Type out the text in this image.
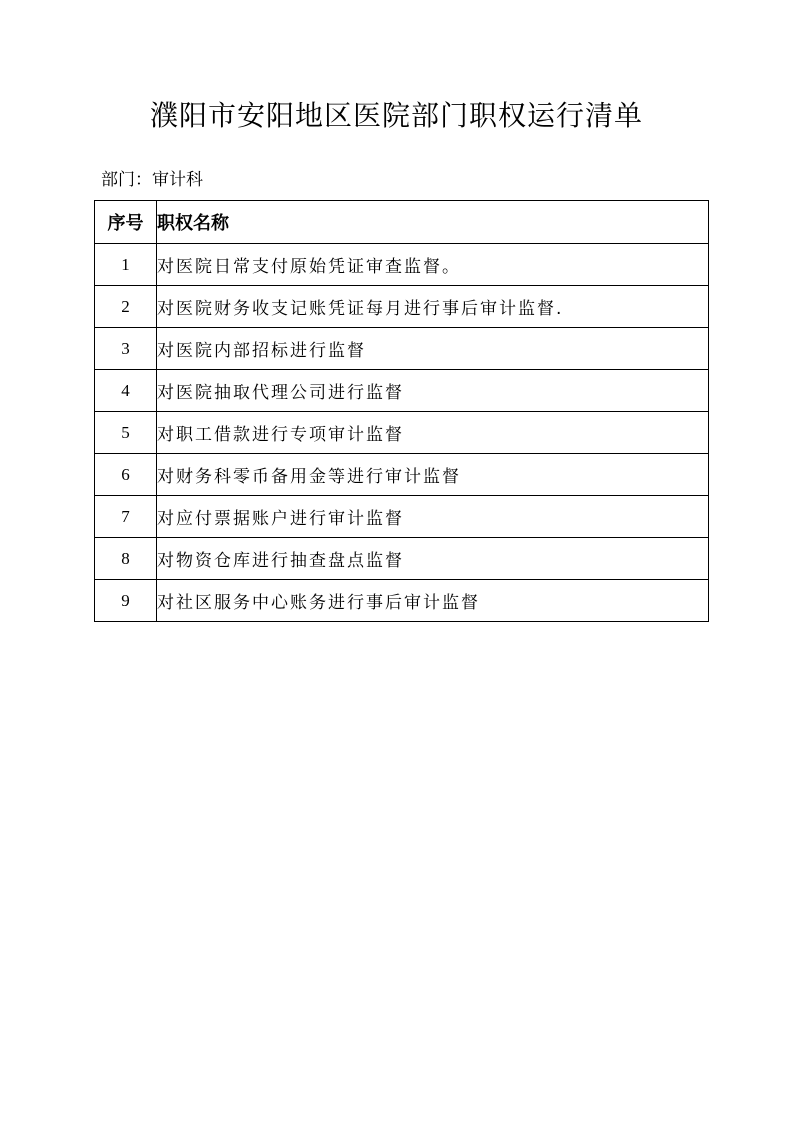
濮阳市安阳地区医院部门职权运行清单
部门：审计科
序号	职权名称
1	对医院日常支付原始凭证审查监督。
2	对医院财务收支记账凭证每月进行事后审计监督.
3	对医院内部招标进行监督
4	对医院抽取代理公司进行监督
5	对职工借款进行专项审计监督
6	对财务科零币备用金等进行审计监督
7	对应付票据账户进行审计监督
8	对物资仓库进行抽查盘点监督
9	对社区服务中心账务进行事后审计监督
